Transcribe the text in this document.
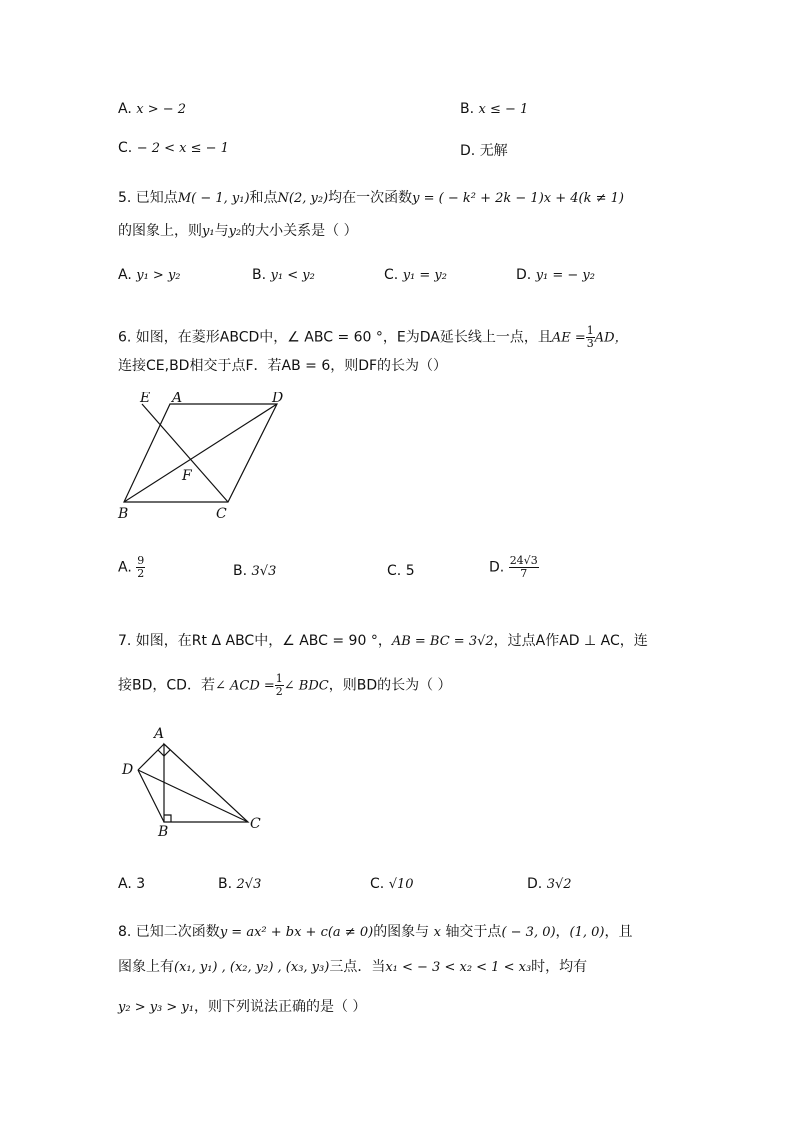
A. x > − 2	B. x ≤ − 1
C. − 2 < x ≤ − 1	D. 无解
5. 已知点M( − 1, y₁)和点N(2, y₂)均在一次函数y = ( − k² + 2k − 1)x + 4(k ≠ 1)
的图象上，则y₁与y₂的大小关系是（ ）
A. y₁ > y₂	B. y₁ < y₂	C. y₁ = y₂	D. y₁ = − y₂
6. 如图，在菱形ABCD中，∠ ABC = 60 °，E为DA延长线上一点，且AE = $\frac{1}{3}$ AD，
连接CE,BD相交于点F．若AB = 6，则DF的长为（）
E A	D
F
B	C
A. $\frac{9}{2}$	B. 3√3	C. 5	D. $\frac{24√3}{7}$
7. 如图，在Rt Δ ABC中，∠ ABC = 90 °，AB = BC = 3√2，过点A作AD ⊥ AC，连
接BD，CD．若∠ ACD = $\frac{1}{2}$ ∠ BDC，则BD的长为（ ）
A
D
B	C
A. 3	B. 2√3	C. √10	D. 3√2
8. 已知二次函数y = ax² + bx + c(a ≠ 0)的图象与 x 轴交于点( − 3, 0)，(1, 0)，且
图象上有(x₁, y₁) , (x₂, y₂) , (x₃, y₃)三点．当x₁ < − 3 < x₂ < 1 < x₃时，均有
y₂ > y₃ > y₁，则下列说法正确的是（ ）
